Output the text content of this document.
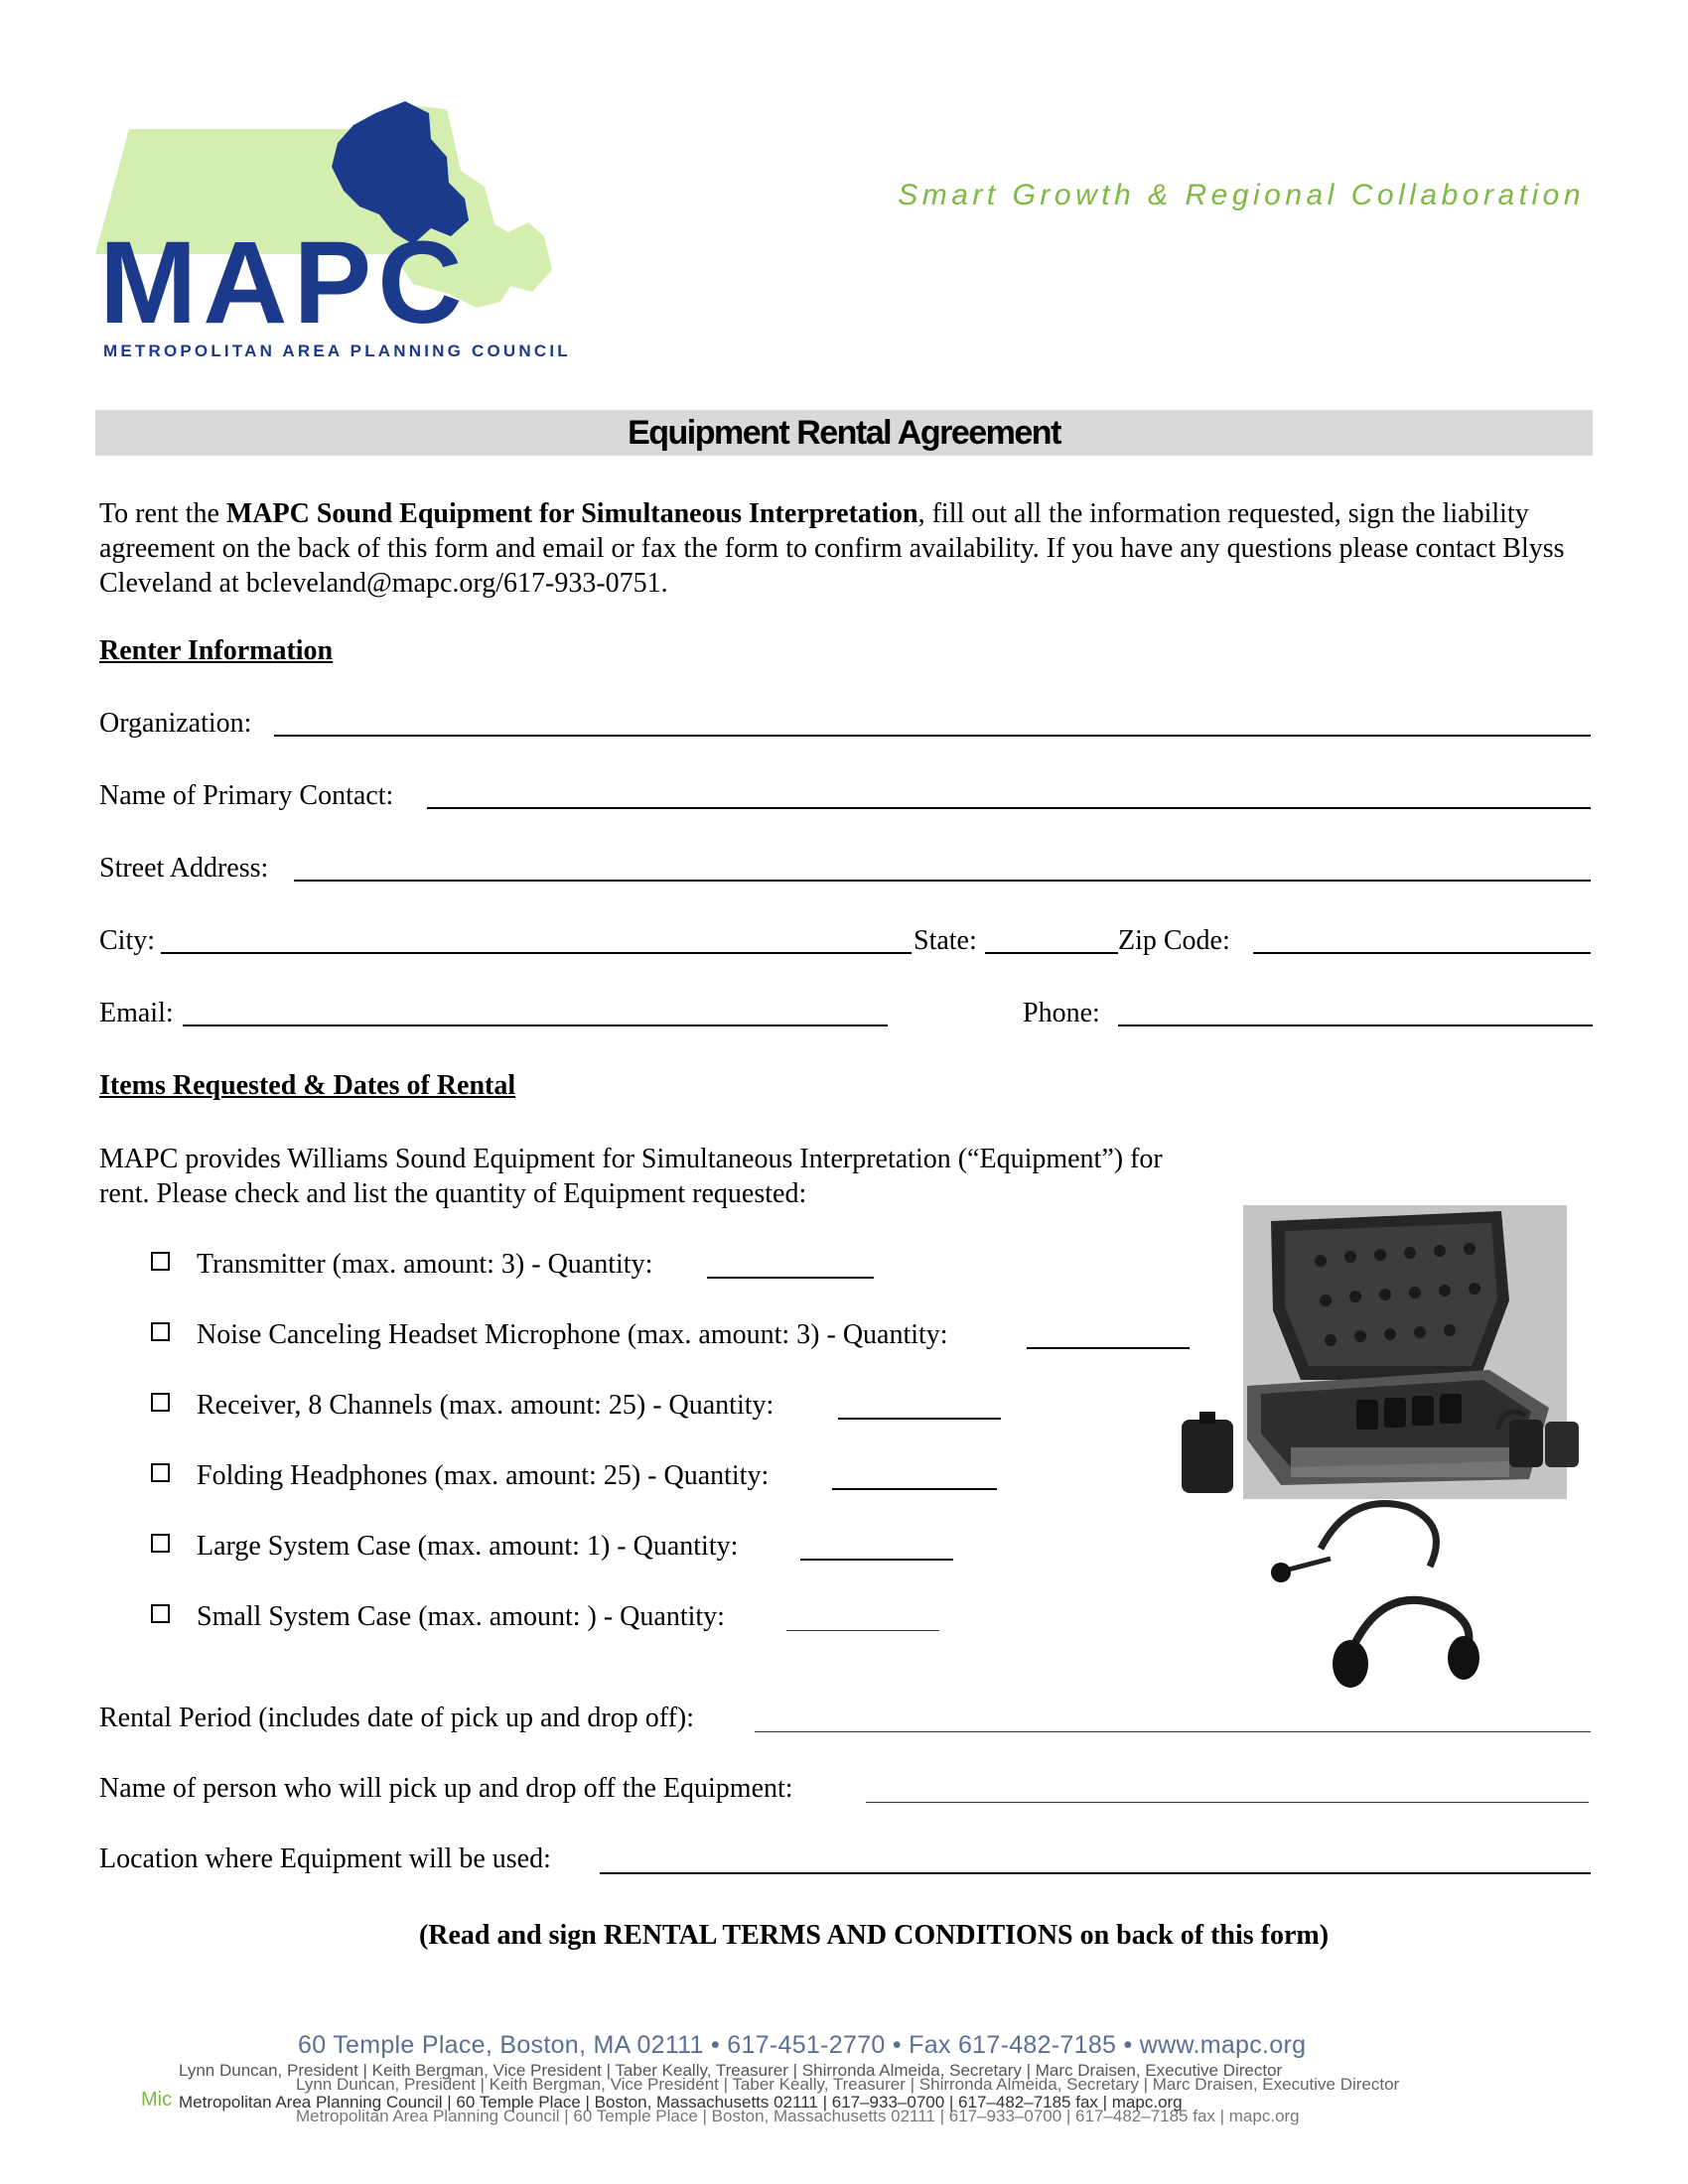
MAPC
METROPOLITAN AREA PLANNING COUNCIL
Smart Growth & Regional Collaboration
Equipment Rental Agreement
To rent the MAPC Sound Equipment for Simultaneous Interpretation, fill out all the information requested, sign the liability agreement on the back of this form and email or fax the form to confirm availability. If you have any questions please contact Blyss Cleveland at bcleveland@mapc.org/617-933-0751.
Renter Information
Organization:
Name of Primary Contact:
Street Address:
City:	State:	Zip Code:
Email:	Phone:
Items Requested & Dates of Rental
MAPC provides Williams Sound Equipment for Simultaneous Interpretation (“Equipment”) for
rent. Please check and list the quantity of Equipment requested:
Transmitter (max. amount: 3) - Quantity:
Noise Canceling Headset Microphone (max. amount: 3) - Quantity:
Receiver, 8 Channels (max. amount: 25) - Quantity:
Folding Headphones (max. amount: 25) - Quantity:
Large System Case (max. amount: 1) - Quantity:
Small System Case (max. amount: ) - Quantity:
Rental Period (includes date of pick up and drop off):
Name of person who will pick up and drop off the Equipment:
Location where Equipment will be used:
(Read and sign RENTAL TERMS AND CONDITIONS on back of this form)
60 Temple Place, Boston, MA 02111 • 617-451-2770 • Fax 617-482-7185 • www.mapc.org
Lynn Duncan, President | Keith Bergman, Vice President | Taber Keally, Treasurer | Shirronda Almeida, Secretary | Marc Draisen, Executive Director
Lynn Duncan, President | Keith Bergman, Vice President | Taber Keally, Treasurer | Shirronda Almeida, Secretary | Marc Draisen, Executive Director
Mic Metropolitan Area Planning Council | 60 Temple Place | Boston, Massachusetts 02111 | 617–933–0700 | 617–482–7185 fax | mapc.org
Metropolitan Area Planning Council | 60 Temple Place | Boston, Massachusetts 02111 | 617–933–0700 | 617–482–7185 fax | mapc.org
